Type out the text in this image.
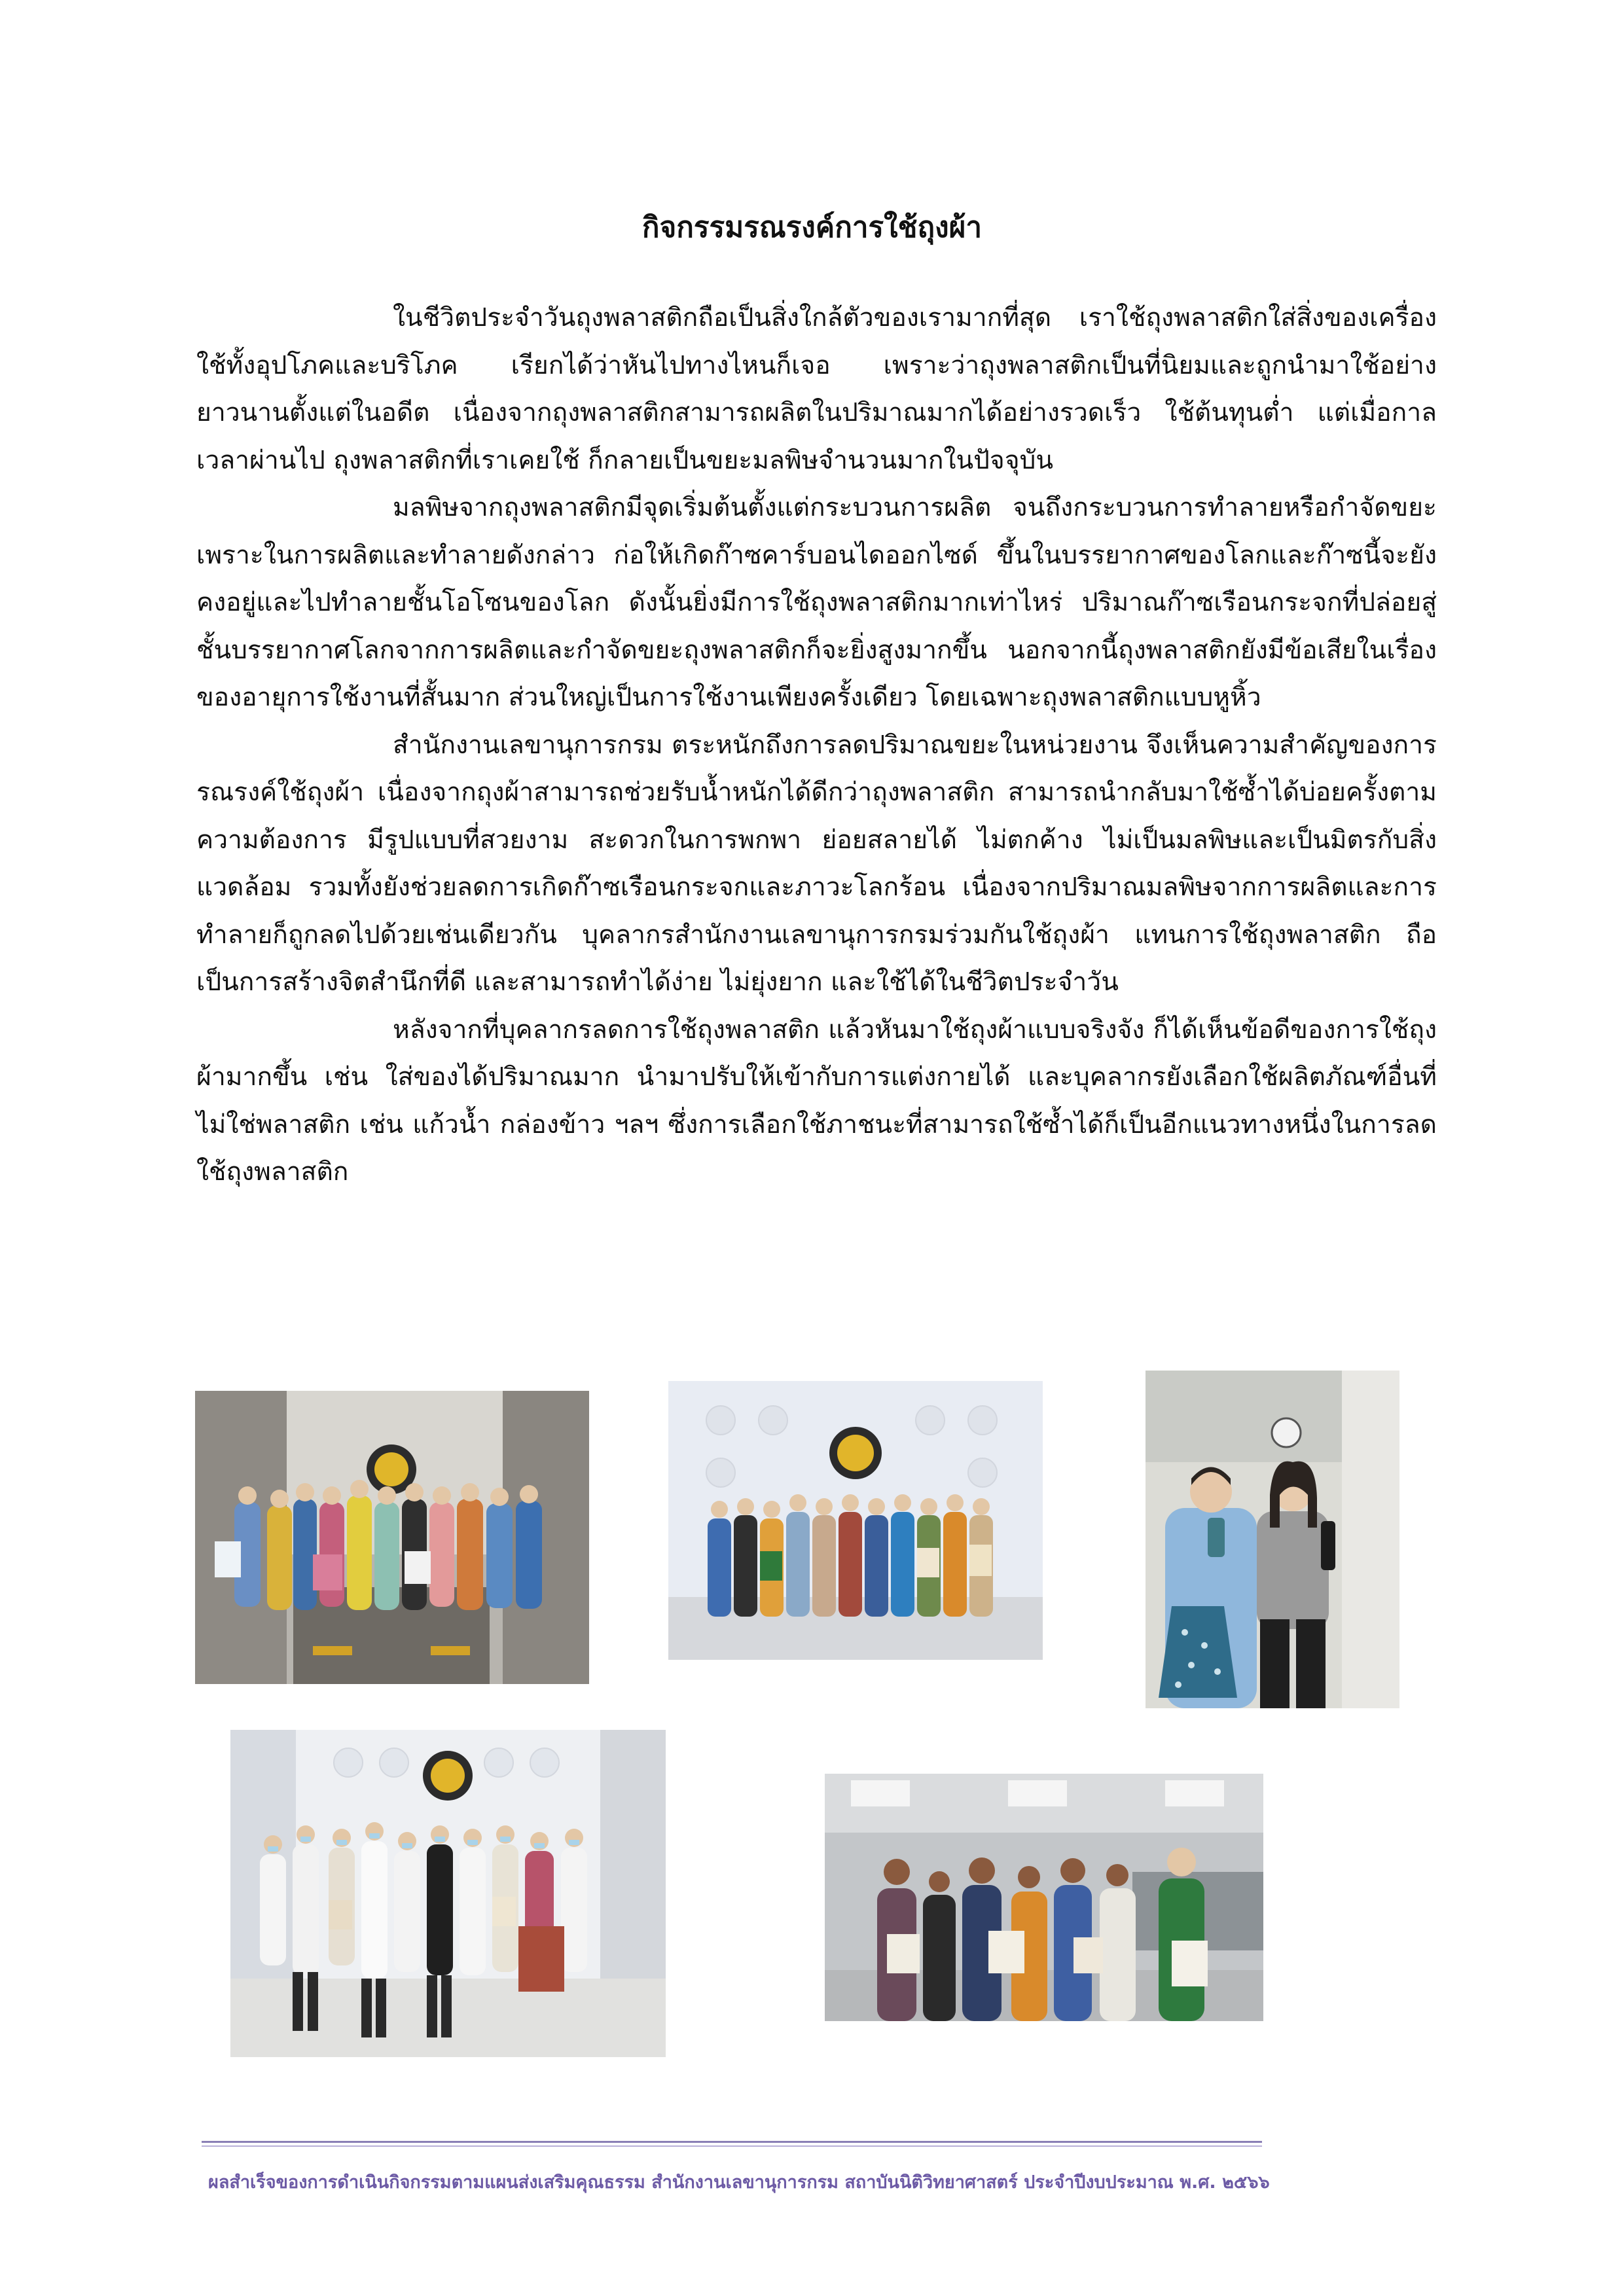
กิจกรรมรณรงค์การใช้ถุงผ้า

ในชีวิตประจำวันถุงพลาสติกถือเป็นสิ่งใกล้ตัวของเรามากที่สุด เราใช้ถุงพลาสติกใส่สิ่งของเครื่องใช้ทั้งอุปโภคและบริโภค เรียกได้ว่าหันไปทางไหนก็เจอ เพราะว่าถุงพลาสติกเป็นที่นิยมและถูกนำมาใช้อย่างยาวนานตั้งแต่ในอดีต เนื่องจากถุงพลาสติกสามารถผลิตในปริมาณมากได้อย่างรวดเร็ว ใช้ต้นทุนต่ำ แต่เมื่อกาลเวลาผ่านไป ถุงพลาสติกที่เราเคยใช้ ก็กลายเป็นขยะมลพิษจำนวนมากในปัจจุบัน

มลพิษจากถุงพลาสติกมีจุดเริ่มต้นตั้งแต่กระบวนการผลิต จนถึงกระบวนการทำลายหรือกำจัดขยะ เพราะในการผลิตและทำลายดังกล่าว ก่อให้เกิดก๊าซคาร์บอนไดออกไซด์ ขึ้นในบรรยากาศของโลกและก๊าซนี้จะยังคงอยู่และไปทำลายชั้นโอโซนของโลก ดังนั้นยิ่งมีการใช้ถุงพลาสติกมากเท่าไหร่ ปริมาณก๊าซเรือนกระจกที่ปล่อยสู่ชั้นบรรยากาศโลกจากการผลิตและกำจัดขยะถุงพลาสติกก็จะยิ่งสูงมากขึ้น นอกจากนี้ถุงพลาสติกยังมีข้อเสียในเรื่องของอายุการใช้งานที่สั้นมาก ส่วนใหญ่เป็นการใช้งานเพียงครั้งเดียว โดยเฉพาะถุงพลาสติกแบบหูหิ้ว

สำนักงานเลขานุการกรม ตระหนักถึงการลดปริมาณขยะในหน่วยงาน จึงเห็นความสำคัญของการรณรงค์ใช้ถุงผ้า เนื่องจากถุงผ้าสามารถช่วยรับน้ำหนักได้ดีกว่าถุงพลาสติก สามารถนำกลับมาใช้ซ้ำได้บ่อยครั้งตามความต้องการ มีรูปแบบที่สวยงาม สะดวกในการพกพา ย่อยสลายได้ ไม่ตกค้าง ไม่เป็นมลพิษและเป็นมิตรกับสิ่งแวดล้อม รวมทั้งยังช่วยลดการเกิดก๊าซเรือนกระจกและภาวะโลกร้อน เนื่องจากปริมาณมลพิษจากการผลิตและการทำลายก็ถูกลดไปด้วยเช่นเดียวกัน บุคลากรสำนักงานเลขานุการกรมร่วมกันใช้ถุงผ้า แทนการใช้ถุงพลาสติก ถือเป็นการสร้างจิตสำนึกที่ดี และสามารถทำได้ง่าย ไม่ยุ่งยาก และใช้ได้ในชีวิตประจำวัน

หลังจากที่บุคลากรลดการใช้ถุงพลาสติก แล้วหันมาใช้ถุงผ้าแบบจริงจัง ก็ได้เห็นข้อดีของการใช้ถุงผ้ามากขึ้น เช่น ใส่ของได้ปริมาณมาก นำมาปรับให้เข้ากับการแต่งกายได้ และบุคลากรยังเลือกใช้ผลิตภัณฑ์อื่นที่ไม่ใช่พลาสติก เช่น แก้วน้ำ กล่องข้าว ฯลฯ ซึ่งการเลือกใช้ภาชนะที่สามารถใช้ซ้ำได้ก็เป็นอีกแนวทางหนึ่งในการลดใช้ถุงพลาสติก

ผลสำเร็จของการดำเนินกิจกรรมตามแผนส่งเสริมคุณธรรม สำนักงานเลขานุการกรม สถาบันนิติวิทยาศาสตร์ ประจำปีงบประมาณ พ.ศ. ๒๕๖๖
